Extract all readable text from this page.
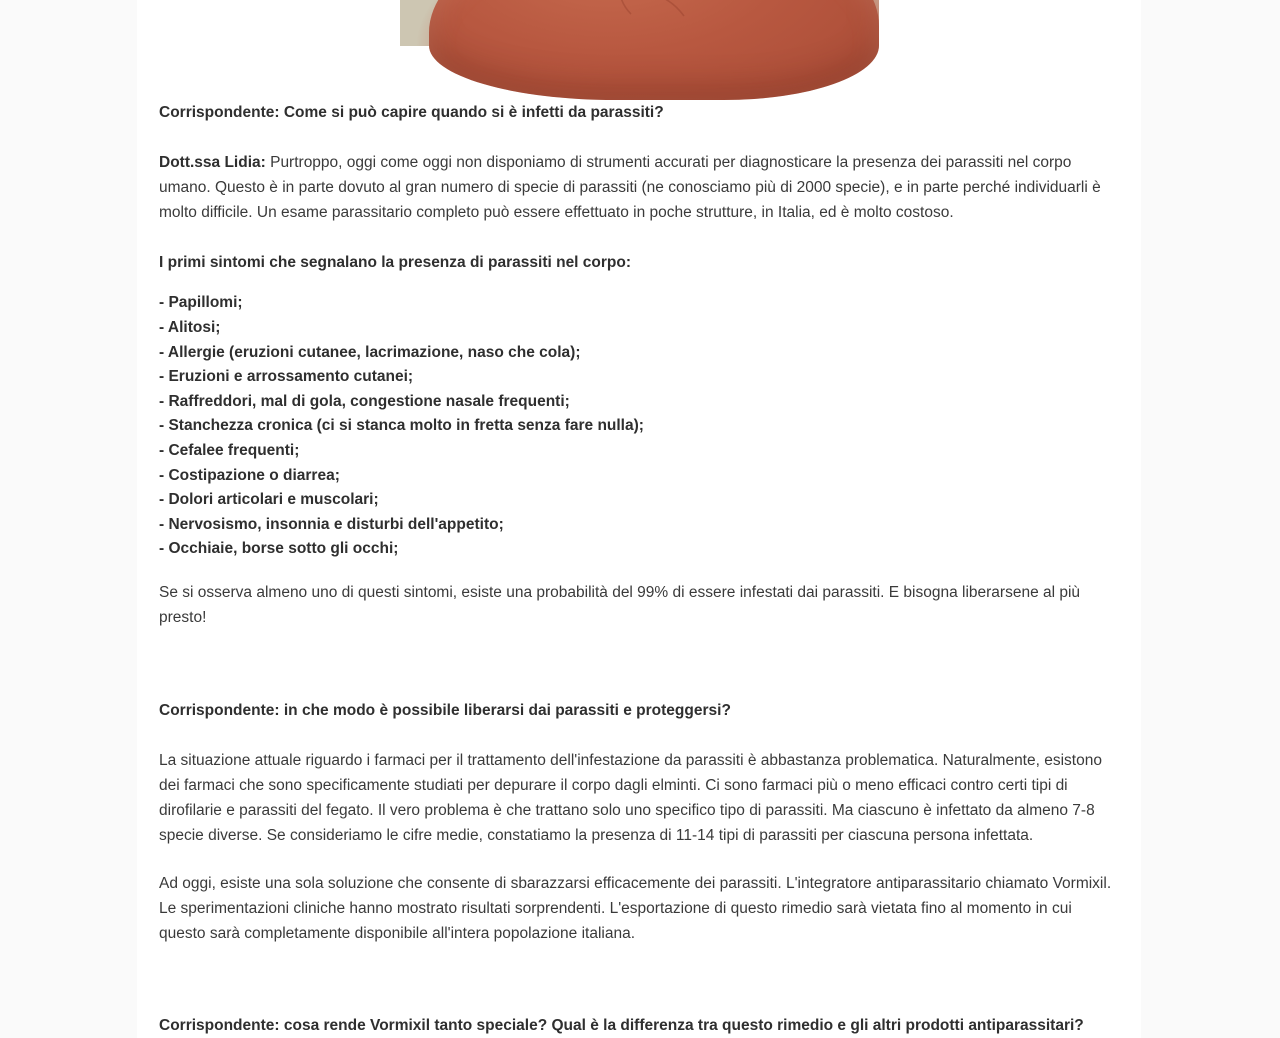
Corrispondente: Come si può capire quando si è infetti da parassiti?

Dott.ssa Lidia: Purtroppo, oggi come oggi non disponiamo di strumenti accurati per diagnosticare la presenza dei parassiti nel corpo umano. Questo è in parte dovuto al gran numero di specie di parassiti (ne conosciamo più di 2000 specie), e in parte perché individuarli è molto difficile. Un esame parassitario completo può essere effettuato in poche strutture, in Italia, ed è molto costoso.

I primi sintomi che segnalano la presenza di parassiti nel corpo:

- Papillomi;
- Alitosi;
- Allergie (eruzioni cutanee, lacrimazione, naso che cola);
- Eruzioni e arrossamento cutanei;
- Raffreddori, mal di gola, congestione nasale frequenti;
- Stanchezza cronica (ci si stanca molto in fretta senza fare nulla);
- Cefalee frequenti;
- Costipazione o diarrea;
- Dolori articolari e muscolari;
- Nervosismo, insonnia e disturbi dell'appetito;
- Occhiaie, borse sotto gli occhi;

Se si osserva almeno uno di questi sintomi, esiste una probabilità del 99% di essere infestati dai parassiti. E bisogna liberarsene al più presto!

Corrispondente: in che modo è possibile liberarsi dai parassiti e proteggersi?

La situazione attuale riguardo i farmaci per il trattamento dell'infestazione da parassiti è abbastanza problematica. Naturalmente, esistono dei farmaci che sono specificamente studiati per depurare il corpo dagli elminti. Ci sono farmaci più o meno efficaci contro certi tipi di dirofilarie e parassiti del fegato. Il vero problema è che trattano solo uno specifico tipo di parassiti. Ma ciascuno è infettato da almeno 7-8 specie diverse. Se consideriamo le cifre medie, constatiamo la presenza di 11-14 tipi di parassiti per ciascuna persona infettata.

Ad oggi, esiste una sola soluzione che consente di sbarazzarsi efficacemente dei parassiti. L'integratore antiparassitario chiamato Vormixil. Le sperimentazioni cliniche hanno mostrato risultati sorprendenti. L'esportazione di questo rimedio sarà vietata fino al momento in cui questo sarà completamente disponibile all'intera popolazione italiana.

Corrispondente: cosa rende Vormixil tanto speciale? Qual è la differenza tra questo rimedio e gli altri prodotti antiparassitari?
